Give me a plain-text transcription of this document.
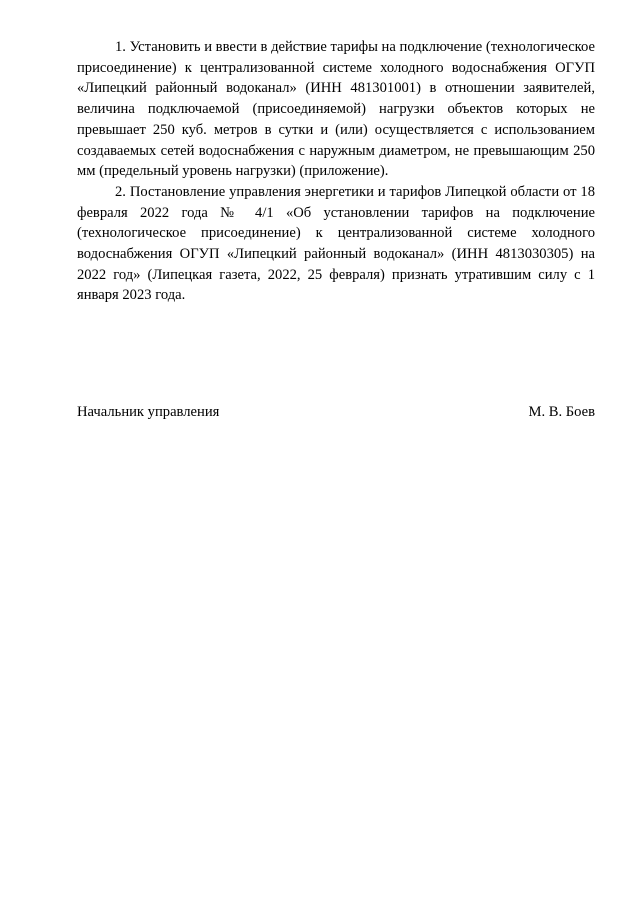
1. Установить и ввести в действие тарифы на подключение (технологическое присоединение) к централизованной системе холодного водоснабжения ОГУП «Липецкий районный водоканал» (ИНН 481301001) в отношении заявителей, величина подключаемой (присоединяемой) нагрузки объектов которых не превышает 250 куб. метров в сутки и (или) осуществляется с использованием создаваемых сетей водоснабжения с наружным диаметром, не превышающим 250 мм (предельный уровень нагрузки) (приложение).

2. Постановление управления энергетики и тарифов Липецкой области от 18 февраля 2022 года № 4/1 «Об установлении тарифов на подключение (технологическое присоединение) к централизованной системе холодного водоснабжения ОГУП «Липецкий районный водоканал» (ИНН 4813030305) на 2022 год» (Липецкая газета, 2022, 25 февраля) признать утратившим силу с 1 января 2023 года.

Начальник управления	М. В. Боев
